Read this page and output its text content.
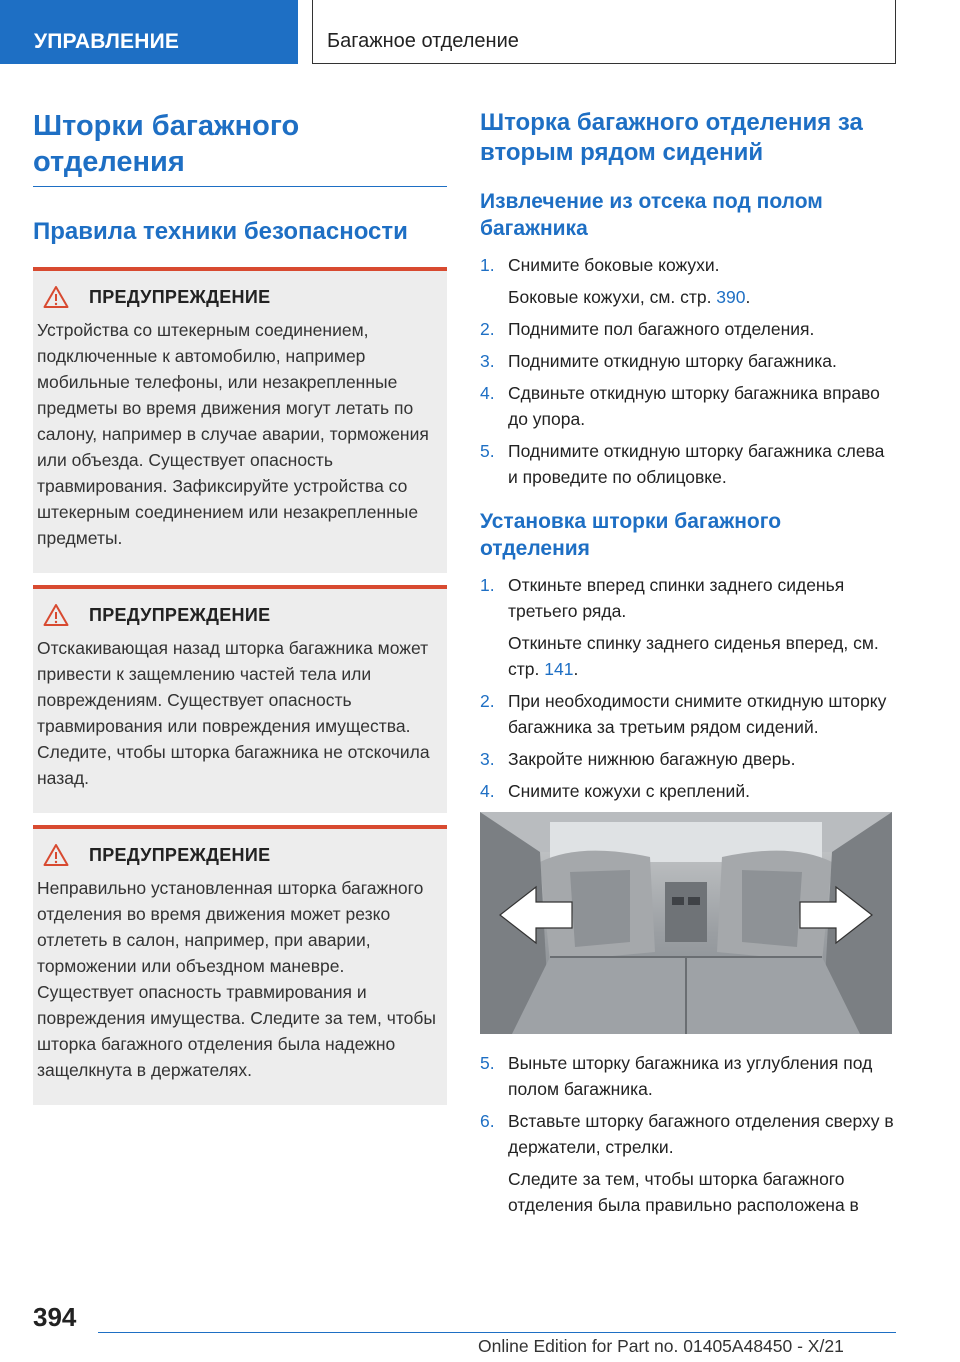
УПРАВЛЕНИЕ	Багажное отделение
Шторки багажного отделения
Правила техники безопасности
ПРЕДУПРЕЖДЕНИЕ
Устройства со штекерным соединением, подключенные к автомобилю, например мобильные телефоны, или незакрепленные предметы во время движения могут летать по салону, например в случае аварии, торможения или объезда. Существует опасность травмирования. Зафиксируйте устройства со штекерным соединением или незакрепленные предметы.
ПРЕДУПРЕЖДЕНИЕ
Отскакивающая назад шторка багажника может привести к защемлению частей тела или повреждениям. Существует опасность травмирования или повреждения имущества. Следите, чтобы шторка багажника не отскочила назад.
ПРЕДУПРЕЖДЕНИЕ
Неправильно установленная шторка багажного отделения во время движения может резко отлететь в салон, например, при аварии, торможении или объездном маневре. Существует опасность травмирования и повреждения имущества. Следите за тем, чтобы шторка багажного отделения была надежно защелкнута в держателях.
Шторка багажного отделения за вторым рядом сидений
Извлечение из отсека под полом багажника
1. Снимите боковые кожухи.
Боковые кожухи, см. стр. 390.
2. Поднимите пол багажного отделения.
3. Поднимите откидную шторку багажника.
4. Сдвиньте откидную шторку багажника вправо до упора.
5. Поднимите откидную шторку багажника слева и проведите по облицовке.
Установка шторки багажного отделения
1. Откиньте вперед спинки заднего сиденья третьего ряда.
Откиньте спинку заднего сиденья вперед, см. стр. 141.
2. При необходимости снимите откидную шторку багажника за третьим рядом сидений.
3. Закройте нижнюю багажную дверь.
4. Снимите кожухи с креплений.
5. Выньте шторку багажника из углубления под полом багажника.
6. Вставьте шторку багажного отделения сверху в держатели, стрелки.
Следите за тем, чтобы шторка багажного отделения была правильно расположена в
394
Online Edition for Part no. 01405A48450 - X/21
